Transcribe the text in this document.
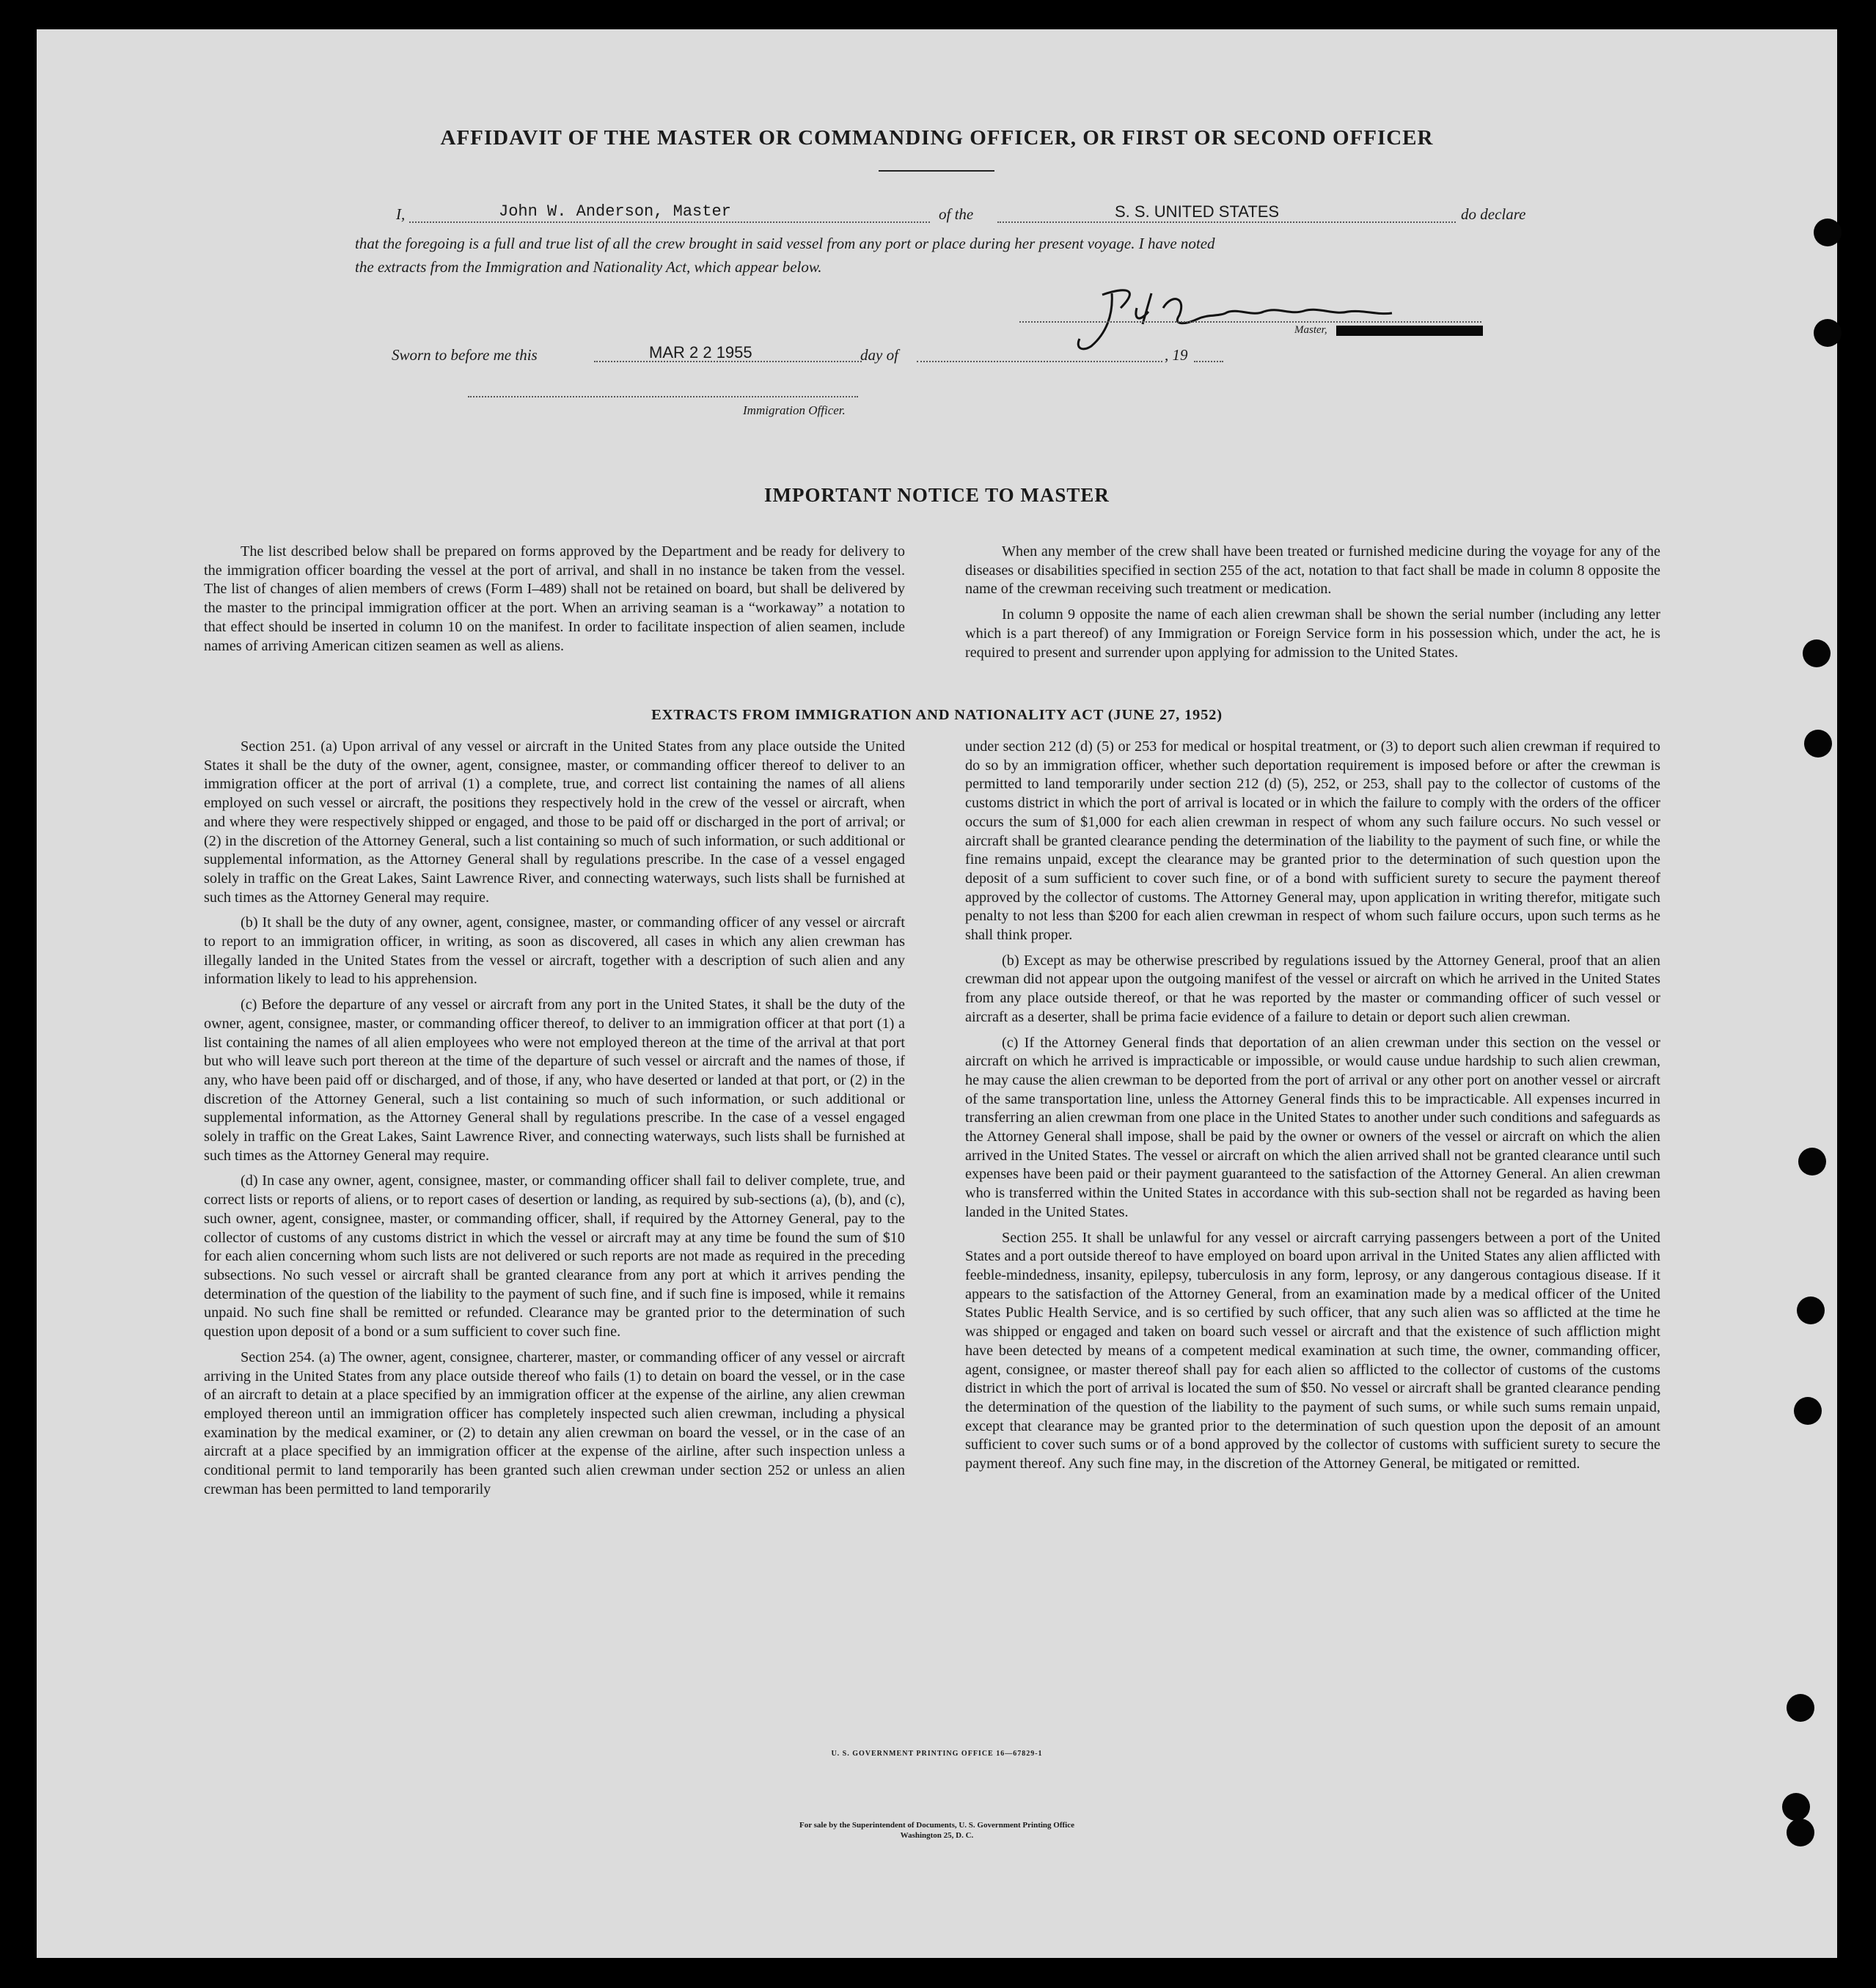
AFFIDAVIT OF THE MASTER OR COMMANDING OFFICER, OR FIRST OR SECOND OFFICER
I,	John W. Anderson, Master	of the	S. S. UNITED STATES	do declare
that the foregoing is a full and true list of all the crew brought in said vessel from any port or place during her present voyage. I have noted
the extracts from the Immigration and Nationality Act, which appear below.
Master,
Sworn to before me this	MAR 2 2 1955	day of	, 19
Immigration Officer.
IMPORTANT NOTICE TO MASTER

The list described below shall be prepared on forms approved by the Department and be ready for delivery to the immigration officer boarding the vessel at the port of arrival, and shall in no instance be taken from the vessel. The list of changes of alien members of crews (Form I–489) shall not be retained on board, but shall be delivered by the master to the principal immigration officer at the port. When an arriving seaman is a “workaway” a notation to that effect should be inserted in column 10 on the manifest. In order to facilitate inspection of alien seamen, include names of arriving American citizen seamen as well as aliens.

When any member of the crew shall have been treated or furnished medicine during the voyage for any of the diseases or disabilities specified in section 255 of the act, notation to that fact shall be made in column 8 opposite the name of the crewman receiving such treatment or medication.

In column 9 opposite the name of each alien crewman shall be shown the serial number (including any letter which is a part thereof) of any Immigration or Foreign Service form in his possession which, under the act, he is required to present and surrender upon applying for admission to the United States.

EXTRACTS FROM IMMIGRATION AND NATIONALITY ACT (JUNE 27, 1952)

Section 251. (a) Upon arrival of any vessel or aircraft in the United States from any place outside the United States it shall be the duty of the owner, agent, consignee, master, or commanding officer thereof to deliver to an immigration officer at the port of arrival (1) a complete, true, and correct list containing the names of all aliens employed on such vessel or aircraft, the positions they respectively hold in the crew of the vessel or aircraft, when and where they were respectively shipped or engaged, and those to be paid off or discharged in the port of arrival; or (2) in the discretion of the Attorney General, such a list containing so much of such information, or such additional or supplemental information, as the Attorney General shall by regulations prescribe. In the case of a vessel engaged solely in traffic on the Great Lakes, Saint Lawrence River, and connecting waterways, such lists shall be furnished at such times as the Attorney General may require.

(b) It shall be the duty of any owner, agent, consignee, master, or commanding officer of any vessel or aircraft to report to an immigration officer, in writing, as soon as discovered, all cases in which any alien crewman has illegally landed in the United States from the vessel or aircraft, together with a description of such alien and any information likely to lead to his apprehension.

(c) Before the departure of any vessel or aircraft from any port in the United States, it shall be the duty of the owner, agent, consignee, master, or commanding officer thereof, to deliver to an immigration officer at that port (1) a list containing the names of all alien employees who were not employed thereon at the time of the arrival at that port but who will leave such port thereon at the time of the departure of such vessel or aircraft and the names of those, if any, who have been paid off or discharged, and of those, if any, who have deserted or landed at that port, or (2) in the discretion of the Attorney General, such a list containing so much of such information, or such additional or supplemental information, as the Attorney General shall by regulations prescribe. In the case of a vessel engaged solely in traffic on the Great Lakes, Saint Lawrence River, and connecting waterways, such lists shall be furnished at such times as the Attorney General may require.

(d) In case any owner, agent, consignee, master, or commanding officer shall fail to deliver complete, true, and correct lists or reports of aliens, or to report cases of desertion or landing, as required by sub-sections (a), (b), and (c), such owner, agent, consignee, master, or commanding officer, shall, if required by the Attorney General, pay to the collector of customs of any customs district in which the vessel or aircraft may at any time be found the sum of $10 for each alien concerning whom such lists are not delivered or such reports are not made as required in the preceding subsections. No such vessel or aircraft shall be granted clearance from any port at which it arrives pending the determination of the question of the liability to the payment of such fine, and if such fine is imposed, while it remains unpaid. No such fine shall be remitted or refunded. Clearance may be granted prior to the determination of such question upon deposit of a bond or a sum sufficient to cover such fine.

Section 254. (a) The owner, agent, consignee, charterer, master, or commanding officer of any vessel or aircraft arriving in the United States from any place outside thereof who fails (1) to detain on board the vessel, or in the case of an aircraft to detain at a place specified by an immigration officer at the expense of the airline, any alien crewman employed thereon until an immigration officer has completely inspected such alien crewman, including a physical examination by the medical examiner, or (2) to detain any alien crewman on board the vessel, or in the case of an aircraft at a place specified by an immigration officer at the expense of the airline, after such inspection unless a conditional permit to land temporarily has been granted such alien crewman under section 252 or unless an alien crewman has been permitted to land temporarily

under section 212 (d) (5) or 253 for medical or hospital treatment, or (3) to deport such alien crewman if required to do so by an immigration officer, whether such deportation requirement is imposed before or after the crewman is permitted to land temporarily under section 212 (d) (5), 252, or 253, shall pay to the collector of customs of the customs district in which the port of arrival is located or in which the failure to comply with the orders of the officer occurs the sum of $1,000 for each alien crewman in respect of whom any such failure occurs. No such vessel or aircraft shall be granted clearance pending the determination of the liability to the payment of such fine, or while the fine remains unpaid, except the clearance may be granted prior to the determination of such question upon the deposit of a sum sufficient to cover such fine, or of a bond with sufficient surety to secure the payment thereof approved by the collector of customs. The Attorney General may, upon application in writing therefor, mitigate such penalty to not less than $200 for each alien crewman in respect of whom such failure occurs, upon such terms as he shall think proper.

(b) Except as may be otherwise prescribed by regulations issued by the Attorney General, proof that an alien crewman did not appear upon the outgoing manifest of the vessel or aircraft on which he arrived in the United States from any place outside thereof, or that he was reported by the master or commanding officer of such vessel or aircraft as a deserter, shall be prima facie evidence of a failure to detain or deport such alien crewman.

(c) If the Attorney General finds that deportation of an alien crewman under this section on the vessel or aircraft on which he arrived is impracticable or impossible, or would cause undue hardship to such alien crewman, he may cause the alien crewman to be deported from the port of arrival or any other port on another vessel or aircraft of the same transportation line, unless the Attorney General finds this to be impracticable. All expenses incurred in transferring an alien crewman from one place in the United States to another under such conditions and safeguards as the Attorney General shall impose, shall be paid by the owner or owners of the vessel or aircraft on which the alien arrived in the United States. The vessel or aircraft on which the alien arrived shall not be granted clearance until such expenses have been paid or their payment guaranteed to the satisfaction of the Attorney General. An alien crewman who is transferred within the United States in accordance with this sub-section shall not be regarded as having been landed in the United States.

Section 255. It shall be unlawful for any vessel or aircraft carrying passengers between a port of the United States and a port outside thereof to have employed on board upon arrival in the United States any alien afflicted with feeble-mindedness, insanity, epilepsy, tuberculosis in any form, leprosy, or any dangerous contagious disease. If it appears to the satisfaction of the Attorney General, from an examination made by a medical officer of the United States Public Health Service, and is so certified by such officer, that any such alien was so afflicted at the time he was shipped or engaged and taken on board such vessel or aircraft and that the existence of such affliction might have been detected by means of a competent medical examination at such time, the owner, commanding officer, agent, consignee, or master thereof shall pay for each alien so afflicted to the collector of customs of the customs district in which the port of arrival is located the sum of $50. No vessel or aircraft shall be granted clearance pending the determination of the question of the liability to the payment of such sums, or while such sums remain unpaid, except that clearance may be granted prior to the determination of such question upon the deposit of an amount sufficient to cover such sums or of a bond approved by the collector of customs with sufficient surety to secure the payment thereof. Any such fine may, in the discretion of the Attorney General, be mitigated or remitted.

U. S. GOVERNMENT PRINTING OFFICE 16—67829-1
For sale by the Superintendent of Documents, U. S. Government Printing Office
Washington 25, D. C.
